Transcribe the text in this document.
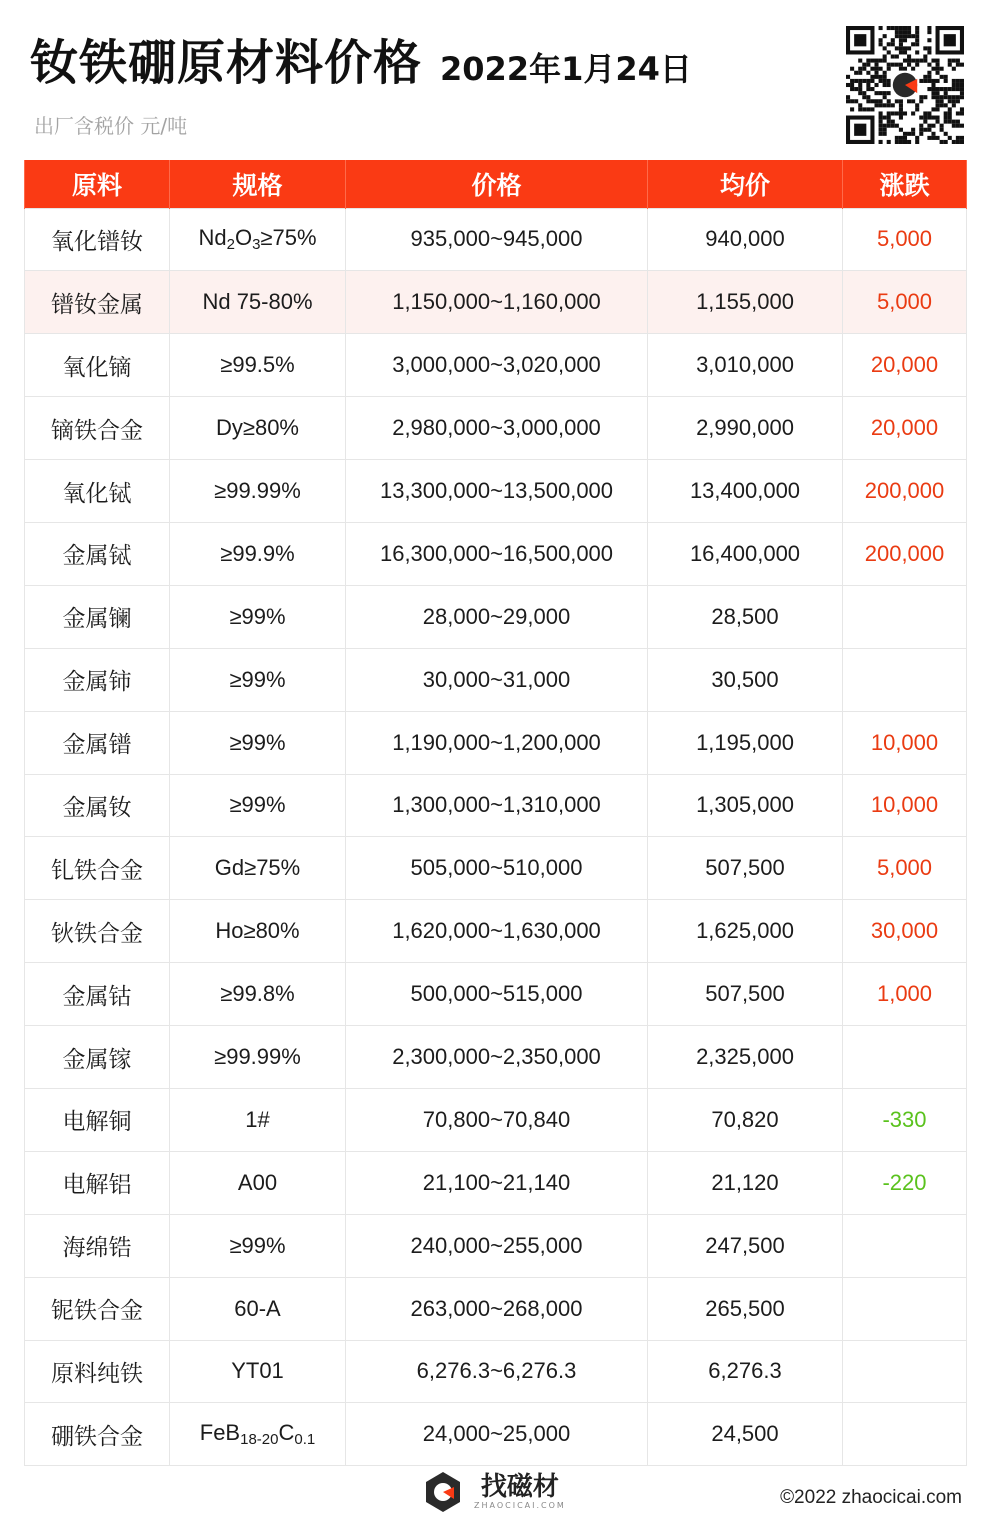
钕铁硼原材料价格 2022年1月24日
出厂含税价 元/吨
原料	规格	价格	均价	涨跌
氧化镨钕	$Nd_2O_3\ge 75\%$	935,000~945,000	940,000	5,000
镨钕金属	Nd 75-80%	1,150,000~1,160,000	1,155,000	5,000
氧化镝	≥99.5%	3,000,000~3,020,000	3,010,000	20,000
镝铁合金	Dy≥80%	2,980,000~3,000,000	2,990,000	20,000
氧化铽	≥99.99%	13,300,000~13,500,000	13,400,000	200,000
金属铽	≥99.9%	16,300,000~16,500,000	16,400,000	200,000
金属镧	≥99%	28,000~29,000	28,500	
金属铈	≥99%	30,000~31,000	30,500	
金属镨	≥99%	1,190,000~1,200,000	1,195,000	10,000
金属钕	≥99%	1,300,000~1,310,000	1,305,000	10,000
钆铁合金	Gd≥75%	505,000~510,000	507,500	5,000
钬铁合金	Ho≥80%	1,620,000~1,630,000	1,625,000	30,000
金属钴	≥99.8%	500,000~515,000	507,500	1,000
金属镓	≥99.99%	2,300,000~2,350,000	2,325,000	
电解铜	1#	70,800~70,840	70,820	-330
电解铝	A00	21,100~21,140	21,120	-220
海绵锆	≥99%	240,000~255,000	247,500	
铌铁合金	60-A	263,000~268,000	265,500	
原料纯铁	YT01	6,276.3~6,276.3	6,276.3	
硼铁合金	$FeB_{18-20}C_{0.1}$	24,000~25,000	24,500	
找磁材
ZHAOCICAI.COM	©2022 zhaocicai.com
